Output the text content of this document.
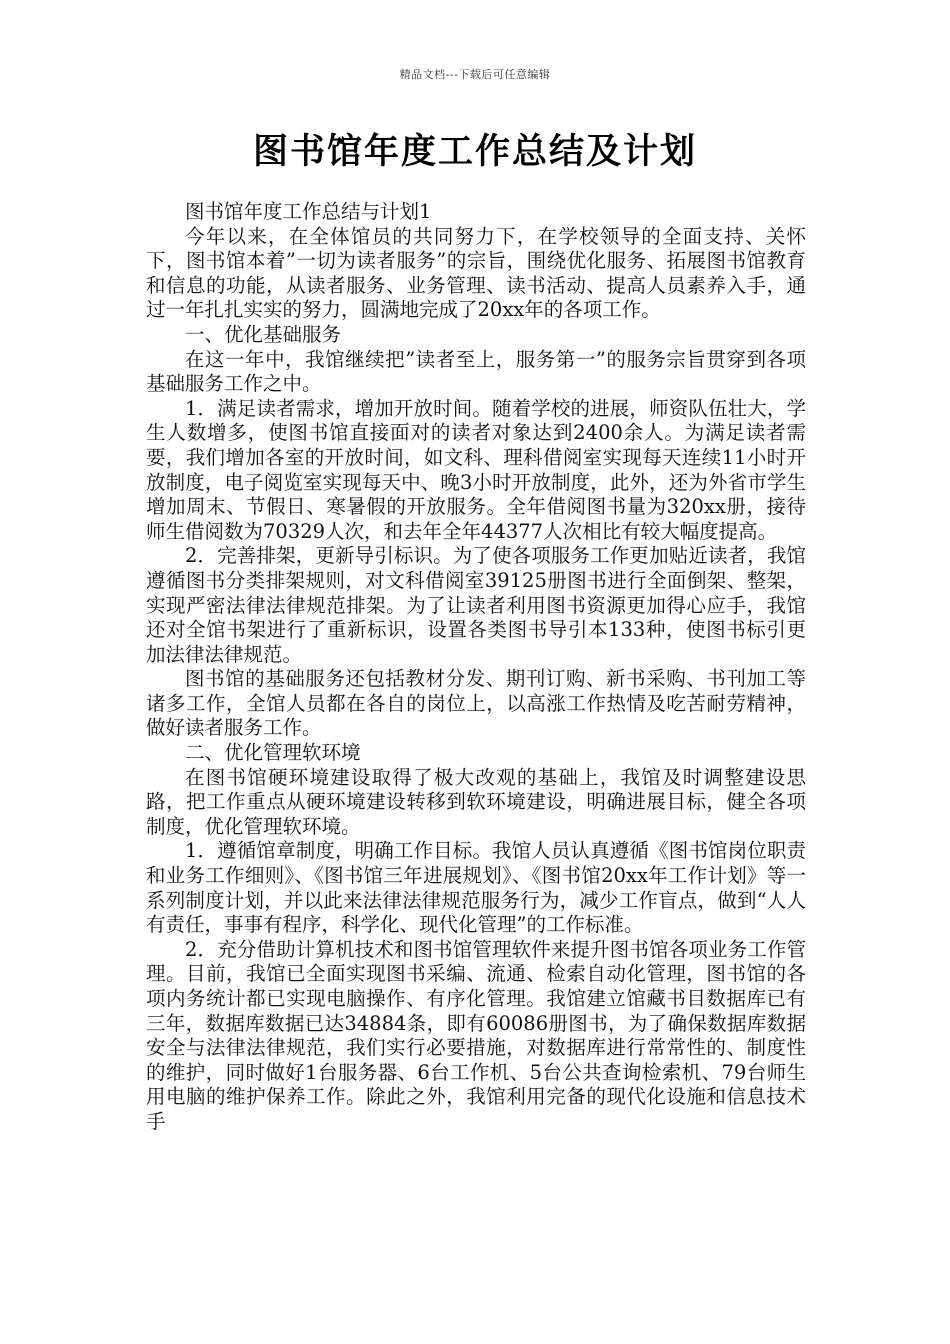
精品文档---下载后可任意编辑
图书馆年度工作总结及计划

图书馆年度工作总结与计划1

今年以来，在全体馆员的共同努力下，在学校领导的全面支持、关怀下，图书馆本着”一切为读者服务”的宗旨，围绕优化服务、拓展图书馆教育和信息的功能，从读者服务、业务管理、读书活动、提高人员素养入手，通过一年扎扎实实的努力，圆满地完成了20xx年的各项工作。

一、优化基础服务

在这一年中，我馆继续把”读者至上，服务第一”的服务宗旨贯穿到各项基础服务工作之中。

1．满足读者需求，增加开放时间。随着学校的进展，师资队伍壮大，学生人数增多，使图书馆直接面对的读者对象达到2400余人。为满足读者需要，我们增加各室的开放时间，如文科、理科借阅室实现每天连续11小时开放制度，电子阅览室实现每天中、晚3小时开放制度，此外，还为外省市学生增加周末、节假日、寒暑假的开放服务。全年借阅图书量为320xx册，接待师生借阅数为70329人次，和去年全年44377人次相比有较大幅度提高。

2．完善排架，更新导引标识。为了使各项服务工作更加贴近读者，我馆遵循图书分类排架规则，对文科借阅室39125册图书进行全面倒架、整架，实现严密法律法律规范排架。为了让读者利用图书资源更加得心应手，我馆还对全馆书架进行了重新标识，设置各类图书导引本133种，使图书标引更加法律法律规范。

图书馆的基础服务还包括教材分发、期刊订购、新书采购、书刊加工等诸多工作，全馆人员都在各自的岗位上，以高涨工作热情及吃苦耐劳精神，做好读者服务工作。

二、优化管理软环境

在图书馆硬环境建设取得了极大改观的基础上，我馆及时调整建设思路，把工作重点从硬环境建设转移到软环境建设，明确进展目标，健全各项制度，优化管理软环境。

1．遵循馆章制度，明确工作目标。我馆人员认真遵循《图书馆岗位职责和业务工作细则》、《图书馆三年进展规划》、《图书馆20xx年工作计划》等一系列制度计划，并以此来法律法律规范服务行为，减少工作盲点，做到“人人有责任，事事有程序，科学化、现代化管理”的工作标准。

2．充分借助计算机技术和图书馆管理软件来提升图书馆各项业务工作管理。目前，我馆已全面实现图书采编、流通、检索自动化管理，图书馆的各项内务统计都已实现电脑操作、有序化管理。我馆建立馆藏书目数据库已有三年，数据库数据已达34884条，即有60086册图书，为了确保数据库数据安全与法律法律规范，我们实行必要措施，对数据库进行常常性的、制度性的维护，同时做好1台服务器、6台工作机、5台公共查询检索机、79台师生用电脑的维护保养工作。除此之外，我馆利用完备的现代化设施和信息技术手
